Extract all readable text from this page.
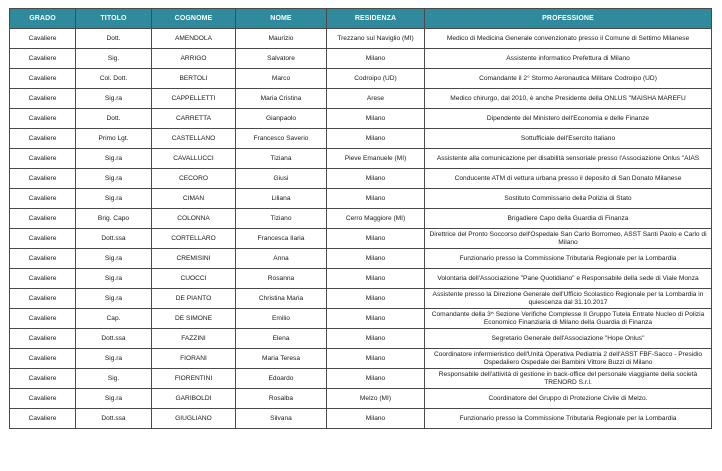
GRADO	TITOLO	COGNOME	NOME	RESIDENZA	PROFESSIONE
Cavaliere	Dott.	AMENDOLA	Maurizio	Trezzano sul Naviglio (MI)	Medico di Medicina Generale convenzionato presso il Comune di Settimo Milanese
Cavaliere	Sig.	ARRIGO	Salvatore	Milano	Assistente informatico Prefettura di Milano
Cavaliere	Col. Dott.	BERTOLI	Marco	Codroipo (UD)	Comandante il 2° Stormo Aeronautica Militare Codroipo (UD)
Cavaliere	Sig.ra	CAPPELLETTI	Maria Cristina	Arese	Medico chirurgo, dal 2010, è anche Presidente della ONLUS "MAISHA MAREFU
Cavaliere	Dott.	CARRETTA	Gianpaolo	Milano	Dipendente del Ministero dell'Economia e delle Finanze
Cavaliere	Primo Lgt.	CASTELLANO	Francesco Saverio	Milano	Sottufficiale dell'Esercito Italiano
Cavaliere	Sig.ra	CAVALLUCCI	Tiziana	Pieve Emanuele (MI)	Assistente alla comunicazione per disabilità sensoriale presso l'Associazione Onlus "AIAS
Cavaliere	Sig.ra	CECORO	Giusi	Milano	Conducente ATM di vettura urbana presso il deposito di San Donato Milanese
Cavaliere	Sig.ra	CIMAN	Liliana	Milano	Sostituto Commissario della Polizia di Stato
Cavaliere	Brig. Capo	COLONNA	Tiziano	Cerro Maggiore (MI)	Brigadiere Capo della Guardia di Finanza
Cavaliere	Dott.ssa	CORTELLARO	Francesca Ilaria	Milano	Direttrice del Pronto Soccorso dell'Ospedale San Carlo Borromeo, ASST Santi Paolo e Carlo di Milano
Cavaliere	Sig.ra	CREMISINI	Anna	Milano	Funzionario presso la Commissione Tributaria Regionale per la Lombardia
Cavaliere	Sig.ra	CUOCCI	Rosanna	Milano	Volontaria dell'Associazione "Pane Quotidiano" e Responsabile della sede di Viale Monza
Cavaliere	Sig.ra	DE PIANTO	Christina Maria	Milano	Assistente presso la Direzione Generale dell'Ufficio Scolastico Regionale per la Lombardia in quiescenza dal 31.10.2017
Cavaliere	Cap.	DE SIMONE	Emilio	Milano	Comandante della 3^ Sezione Verifiche Complesse II Gruppo Tutela Entrate Nucleo di Polizia Economico Finanziaria di Milano della Guardia di Finanza
Cavaliere	Dott.ssa	FAZZINI	Elena	Milano	Segretario Generale dell'Associazione "Hope Onlus"
Cavaliere	Sig.ra	FIORANI	Maria Teresa	Milano	Coordinatore infermieristico dell'Unità Operativa Pediatria 2 dell'ASST FBF-Sacco - Presidio Ospedaliero Ospedale dei Bambini Vittore Buzzi di Milano
Cavaliere	Sig.	FIORENTINI	Edoardo	Milano	Responsabile dell'attività di gestione in back-office del personale viaggiante della società TRENORD S.r.l.
Cavaliere	Sig.ra	GARIBOLDI	Rosalba	Melzo (MI)	Coordinatore del Gruppo di Protezione Civile di Melzo.
Cavaliere	Dott.ssa	GIUGLIANO	Silvana	Milano	Funzionario presso la Commissione Tributaria Regionale per la Lombardia
